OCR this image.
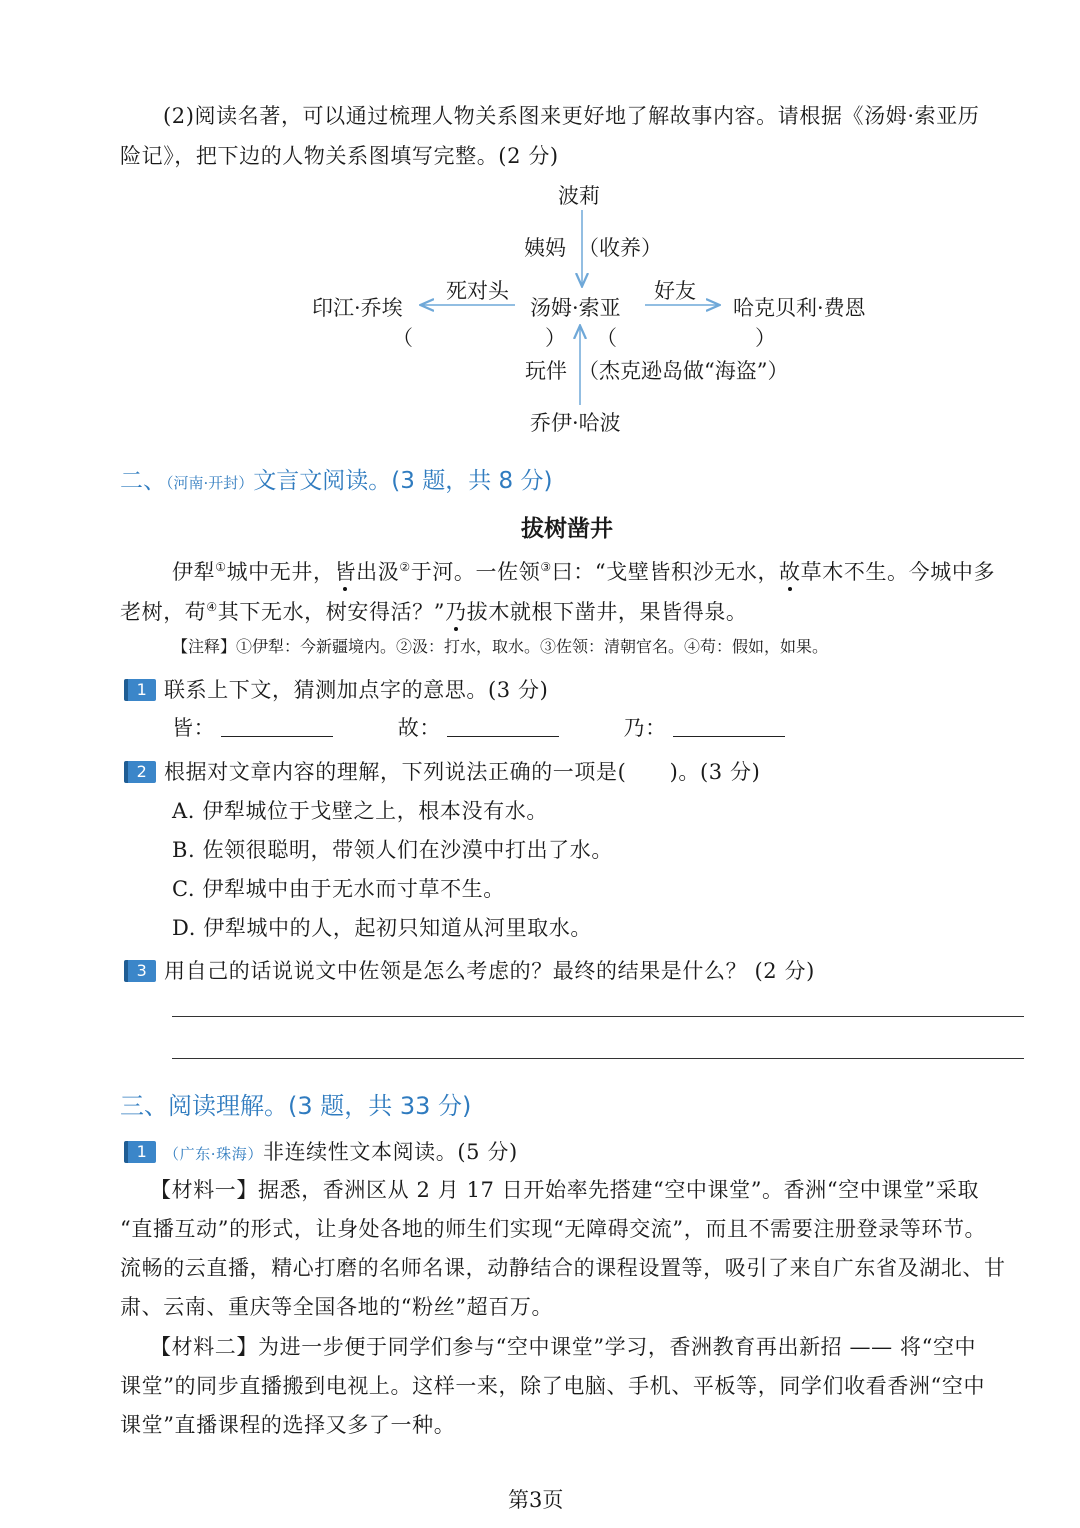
(2)阅读名著，可以通过梳理人物关系图来更好地了解故事内容。请根据《汤姆·索亚历
险记》，把下边的人物关系图填写完整。(2 分)
波莉
姨妈 （收养）
死对头
印江·乔埃
（
汤姆·索亚
） （
好友
哈克贝利·费恩
）
玩伴 （杰克逊岛做“海盗”）
乔伊·哈波
二、（河南·开封）文言文阅读。(3 题，共 8 分)
拔树凿井
伊犁①城中无井，皆出汲②于河。一佐领③曰：“戈壁皆积沙无水，故草木不生。今城中多
老树，苟④其下无水，树安得活？”乃拔木就根下凿井，果皆得泉。
【注释】①伊犁：今新疆境内。②汲：打水，取水。③佐领：清朝官名。④苟：假如，如果。
1 联系上下文，猜测加点字的意思。(3 分)
皆：	故：	乃：
2 根据对文章内容的理解，下列说法正确的一项是(　　)。(3 分)
A. 伊犁城位于戈壁之上，根本没有水。
B. 佐领很聪明，带领人们在沙漠中打出了水。
C. 伊犁城中由于无水而寸草不生。
D. 伊犁城中的人，起初只知道从河里取水。
3 用自己的话说说文中佐领是怎么考虑的？最终的结果是什么？ (2 分)
三、阅读理解。(3 题，共 33 分)
1 （广东·珠海）非连续性文本阅读。(5 分)
【材料一】据悉，香洲区从 2 月 17 日开始率先搭建“空中课堂”。香洲“空中课堂”采取
“直播互动”的形式，让身处各地的师生们实现“无障碍交流”，而且不需要注册登录等环节。
流畅的云直播，精心打磨的名师名课，动静结合的课程设置等，吸引了来自广东省及湖北、甘
肃、云南、重庆等全国各地的“粉丝”超百万。
【材料二】为进一步便于同学们参与“空中课堂”学习，香洲教育再出新招 —— 将“空中
课堂”的同步直播搬到电视上。这样一来，除了电脑、手机、平板等，同学们收看香洲“空中
课堂”直播课程的选择又多了一种。
第3页
